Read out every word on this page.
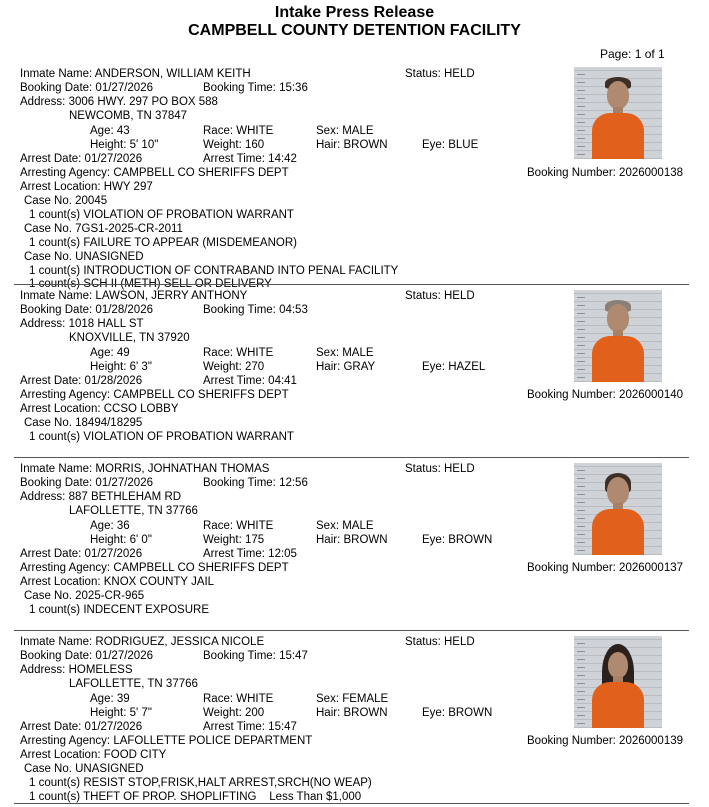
Intake Press Release
CAMPBELL COUNTY DETENTION FACILITY
Page: 1 of 1
Inmate Name: ANDERSON, WILLIAM KEITH	Status: HELD
Booking Date: 01/27/2026	Booking Time: 15:36
Address: 3006 HWY. 297 PO BOX 588
NEWCOMB, TN 37847
Age: 43	Race: WHITE	Sex: MALE
Height: 5' 10"	Weight: 160	Hair: BROWN	Eye: BLUE
Arrest Date: 01/27/2026	Arrest Time: 14:42
Arresting Agency: CAMPBELL CO SHERIFFS DEPT	Booking Number: 2026000138
Arrest Location: HWY 297
Case No. 20045
1 count(s) VIOLATION OF PROBATION WARRANT
Case No. 7GS1-2025-CR-2011
1 count(s) FAILURE TO APPEAR (MISDEMEANOR)
Case No. UNASIGNED
1 count(s) INTRODUCTION OF CONTRABAND INTO PENAL FACILITY
1 count(s) SCH II (METH) SELL OR DELIVERY
Inmate Name: LAWSON, JERRY ANTHONY	Status: HELD
Booking Date: 01/28/2026	Booking Time: 04:53
Address: 1018 HALL ST
KNOXVILLE, TN 37920
Age: 49	Race: WHITE	Sex: MALE
Height: 6' 3"	Weight: 270	Hair: GRAY	Eye: HAZEL
Arrest Date: 01/28/2026	Arrest Time: 04:41
Arresting Agency: CAMPBELL CO SHERIFFS DEPT	Booking Number: 2026000140
Arrest Location: CCSO LOBBY
Case No. 18494/18295
1 count(s) VIOLATION OF PROBATION WARRANT
Inmate Name: MORRIS, JOHNATHAN THOMAS	Status: HELD
Booking Date: 01/27/2026	Booking Time: 12:56
Address: 887 BETHLEHAM RD
LAFOLLETTE, TN 37766
Age: 36	Race: WHITE	Sex: MALE
Height: 6' 0"	Weight: 175	Hair: BROWN	Eye: BROWN
Arrest Date: 01/27/2026	Arrest Time: 12:05
Arresting Agency: CAMPBELL CO SHERIFFS DEPT	Booking Number: 2026000137
Arrest Location: KNOX COUNTY JAIL
Case No. 2025-CR-965
1 count(s) INDECENT EXPOSURE
Inmate Name: RODRIGUEZ, JESSICA NICOLE	Status: HELD
Booking Date: 01/27/2026	Booking Time: 15:47
Address: HOMELESS
LAFOLLETTE, TN 37766
Age: 39	Race: WHITE	Sex: FEMALE
Height: 5' 7"	Weight: 200	Hair: BROWN	Eye: BROWN
Arrest Date: 01/27/2026	Arrest Time: 15:47
Arresting Agency: LAFOLLETTE POLICE DEPARTMENT	Booking Number: 2026000139
Arrest Location: FOOD CITY
Case No. UNASIGNED
1 count(s) RESIST STOP,FRISK,HALT ARREST,SRCH(NO WEAP)
1 count(s) THEFT OF PROP. SHOPLIFTING    Less Than $1,000
